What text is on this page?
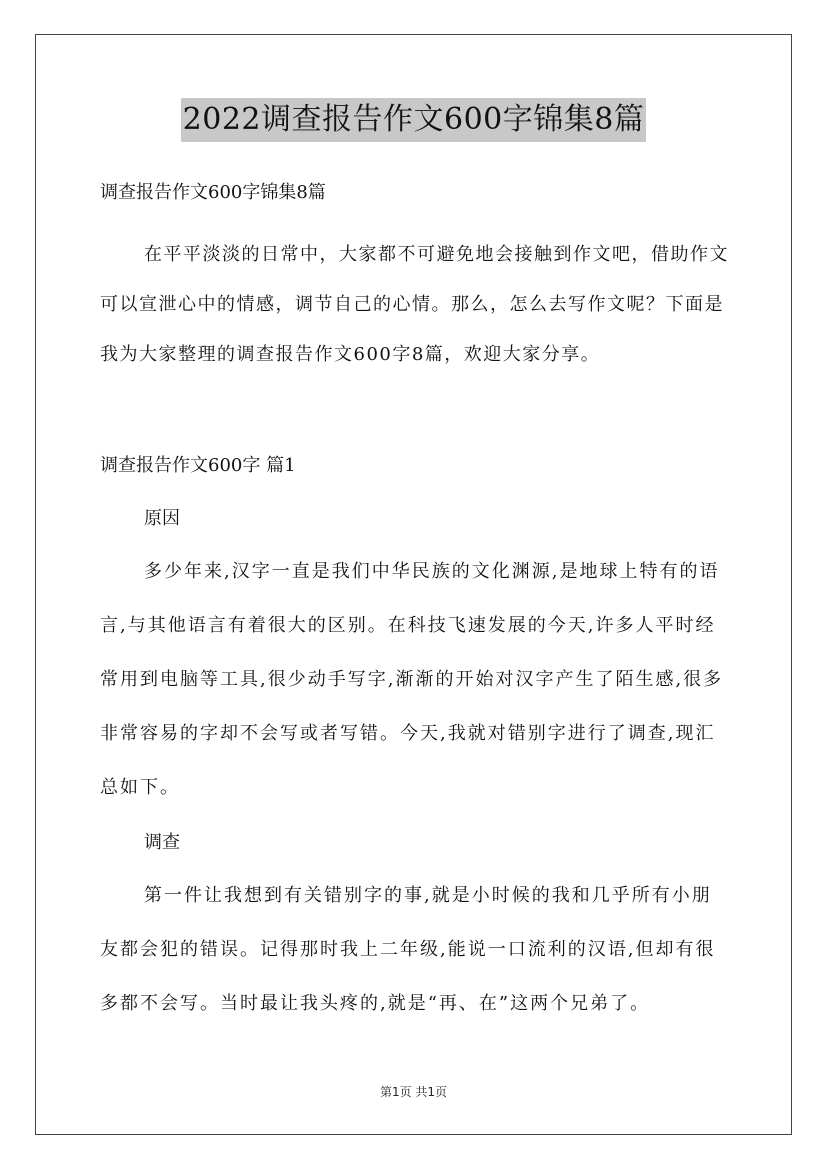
2022调查报告作文600字锦集8篇
调查报告作文600字锦集8篇

在平平淡淡的日常中，大家都不可避免地会接触到作文吧，借助作文可以宣泄心中的情感，调节自己的心情。那么，怎么去写作文呢？下面是我为大家整理的调查报告作文600字8篇，欢迎大家分享。

调查报告作文600字 篇1
原因

多少年来,汉字一直是我们中华民族的文化渊源,是地球上特有的语言,与其他语言有着很大的区别。在科技飞速发展的今天,许多人平时经常用到电脑等工具,很少动手写字,渐渐的开始对汉字产生了陌生感,很多非常容易的字却不会写或者写错。今天,我就对错别字进行了调查,现汇总如下。

调查

第一件让我想到有关错别字的事,就是小时候的我和几乎所有小朋友都会犯的错误。记得那时我上二年级,能说一口流利的汉语,但却有很多都不会写。当时最让我头疼的,就是“再、在”这两个兄弟了。

第1页 共1页
